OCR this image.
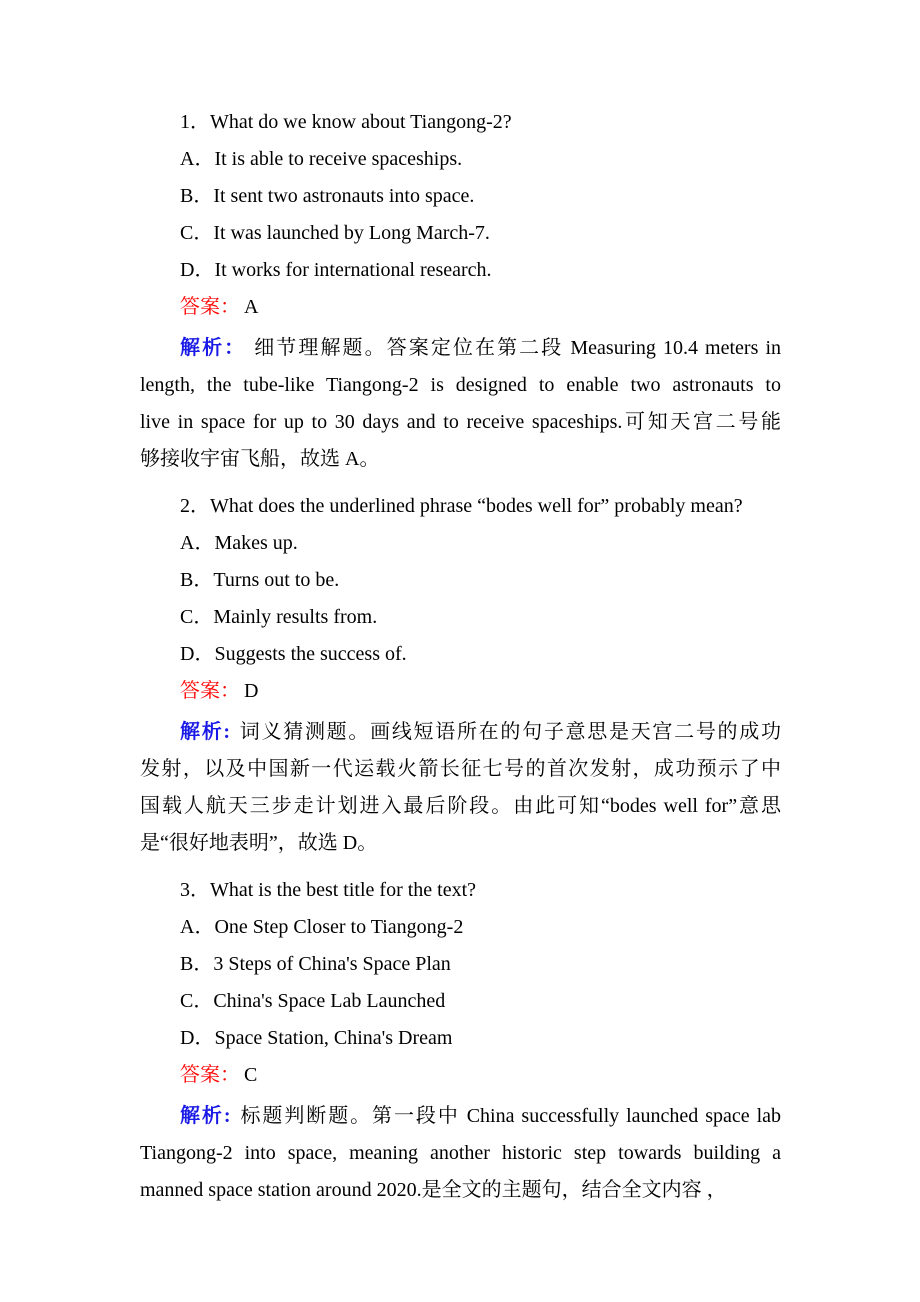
1．What do we know about Tiangong-2?

A．It is able to receive spaceships.

B．It sent two astronauts into space.

C．It was launched by Long March-7.

D．It works for international research.

答案： A

解析： 细节理解题。答案定位在第二段 Measuring 10.4 meters in

length, the tube-like Tiangong-2 is designed to enable two astronauts to

live in space for up to 30 days and to receive spaceships.可知天宫二号能

够接收宇宙飞船，故选 A。

2．What does the underlined phrase “bodes well for” probably mean?

A．Makes up.

B．Turns out to be.

C．Mainly results from.

D．Suggests the success of.

答案： D

解析: 词义猜测题。画线短语所在的句子意思是天宫二号的成功

发射，以及中国新一代运载火箭长征七号的首次发射，成功预示了中

国载人航天三步走计划进入最后阶段。由此可知“bodes well for”意思

是“很好地表明”，故选 D。

3．What is the best title for the text?

A．One Step Closer to Tiangong-2

B．3 Steps of China's Space Plan

C．China's Space Lab Launched

D．Space Station, China's Dream

答案： C

解析: 标题判断题。第一段中 China successfully launched space lab

Tiangong-2 into space, meaning another historic step towards building a

manned space station around 2020.是全文的主题句，结合全文内容 ，
